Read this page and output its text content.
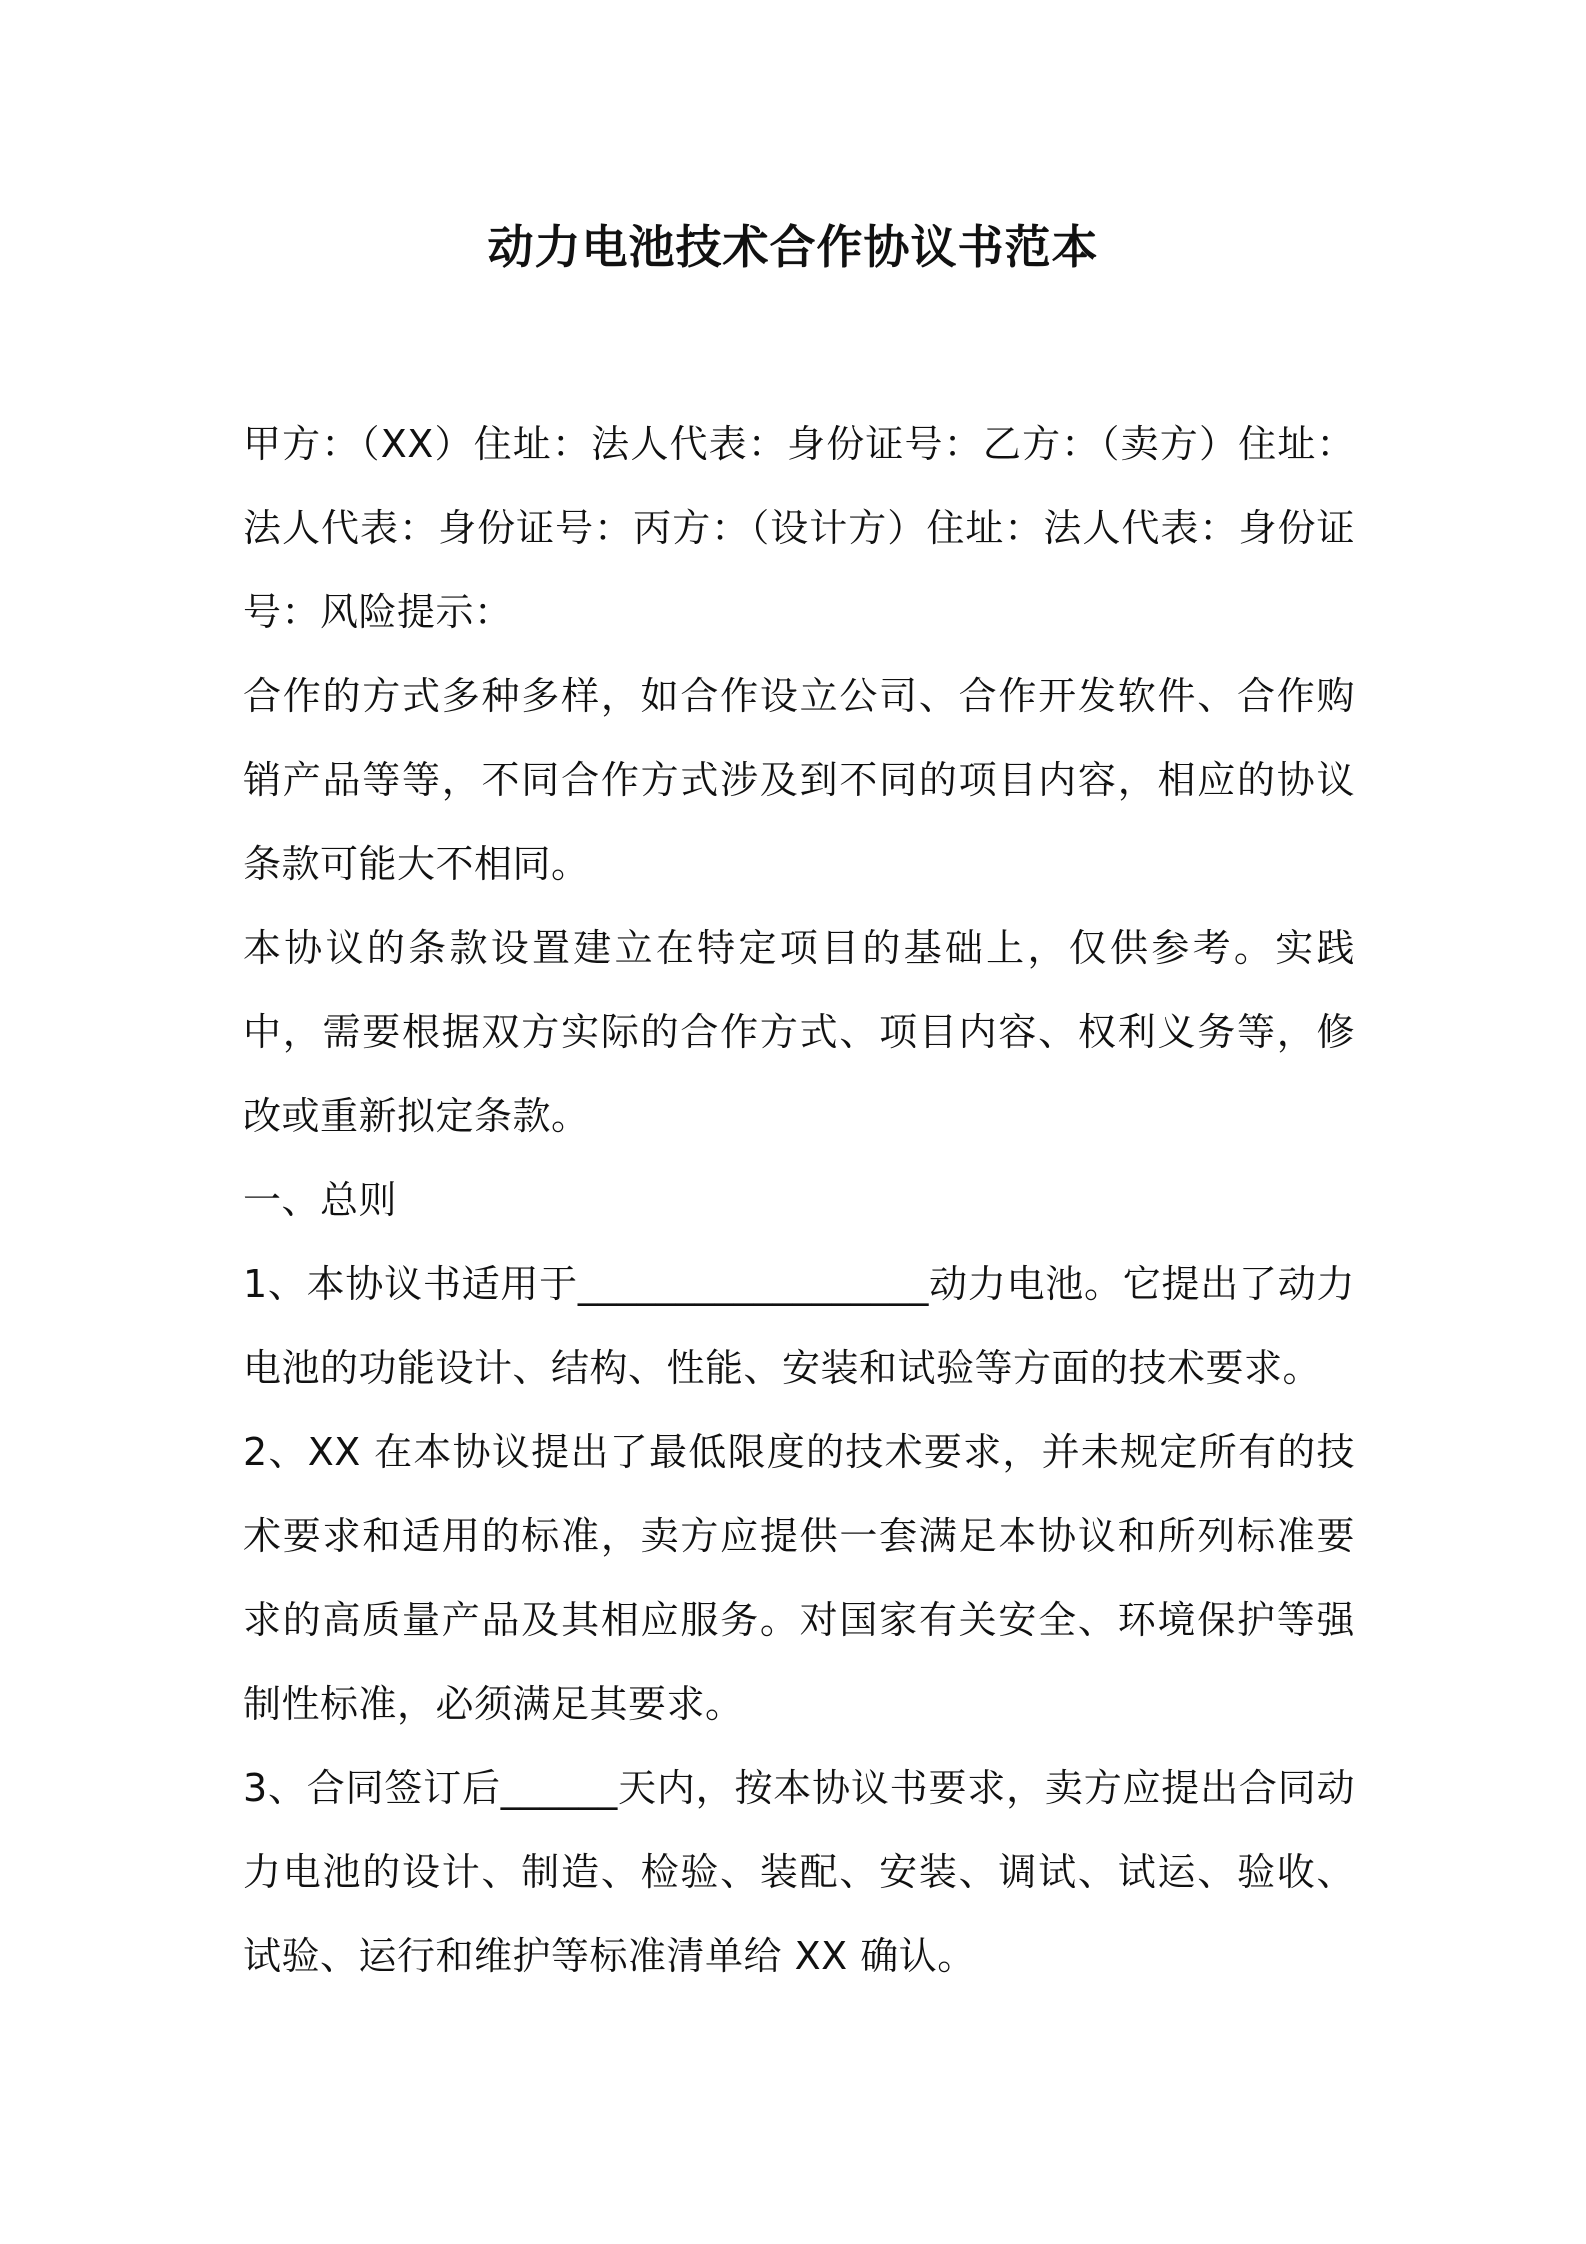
动力电池技术合作协议书范本

甲方：（XX）住址：法人代表：身份证号：乙方：（卖方）住址：法人代表：身份证号：丙方：（设计方）住址：法人代表：身份证号：风险提示：

合作的方式多种多样，如合作设立公司、合作开发软件、合作购销产品等等，不同合作方式涉及到不同的项目内容，相应的协议条款可能大不相同。

本协议的条款设置建立在特定项目的基础上，仅供参考。实践中，需要根据双方实际的合作方式、项目内容、权利义务等，修改或重新拟定条款。

一、总则

1、本协议书适用于__________________动力电池。它提出了动力电池的功能设计、结构、性能、安装和试验等方面的技术要求。

2、XX 在本协议提出了最低限度的技术要求，并未规定所有的技术要求和适用的标准，卖方应提供一套满足本协议和所列标准要求的高质量产品及其相应服务。对国家有关安全、环境保护等强制性标准，必须满足其要求。

3、合同签订后______天内，按本协议书要求，卖方应提出合同动力电池的设计、制造、检验、装配、安装、调试、试运、验收、试验、运行和维护等标准清单给 XX 确认。
